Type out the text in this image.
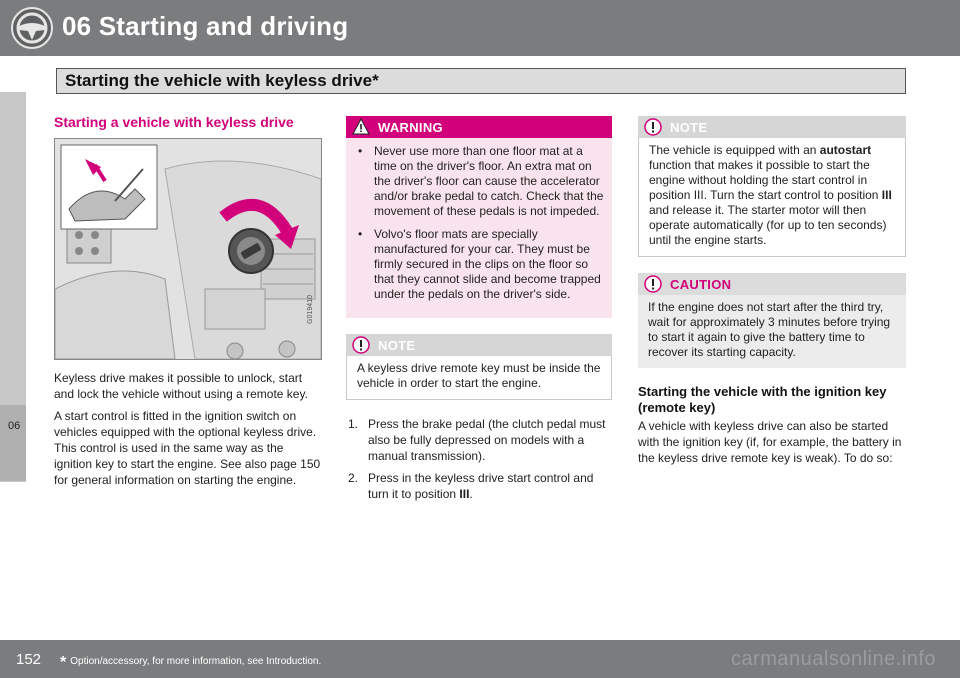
06 Starting and driving
Starting the vehicle with keyless drive*
06
Starting a vehicle with keyless drive
G019410

Keyless drive makes it possible to unlock, start and lock the vehicle without using a remote key.

A start control is fitted in the ignition switch on vehicles equipped with the optional keyless drive. This control is used in the same way as the ignition key to start the engine. See also page 150 for general information on starting the engine.

WARNING
• Never use more than one floor mat at a time on the driver's floor. An extra mat on the driver's floor can cause the accelerator and/or brake pedal to catch. Check that the movement of these pedals is not impeded.
• Volvo's floor mats are specially manufactured for your car. They must be firmly secured in the clips on the floor so that they cannot slide and become trapped under the pedals on the driver's side.
NOTE

A keyless drive remote key must be inside the vehicle in order to start the engine.

1. Press the brake pedal (the clutch pedal must also be fully depressed on models with a manual transmission).
2. Press in the keyless drive start control and turn it to position III.
NOTE

The vehicle is equipped with an autostart function that makes it possible to start the engine without holding the start control in position III. Turn the start control to position III and release it. The starter motor will then operate automatically (for up to ten seconds) until the engine starts.

CAUTION

If the engine does not start after the third try, wait for approximately 3 minutes before trying to start it again to give the battery time to recover its starting capacity.

Starting the vehicle with the ignition key (remote key)

A vehicle with keyless drive can also be started with the ignition key (if, for example, the battery in the keyless drive remote key is weak). To do so:

152 * Option/accessory, for more information, see Introduction.	carmanualsonline.info
